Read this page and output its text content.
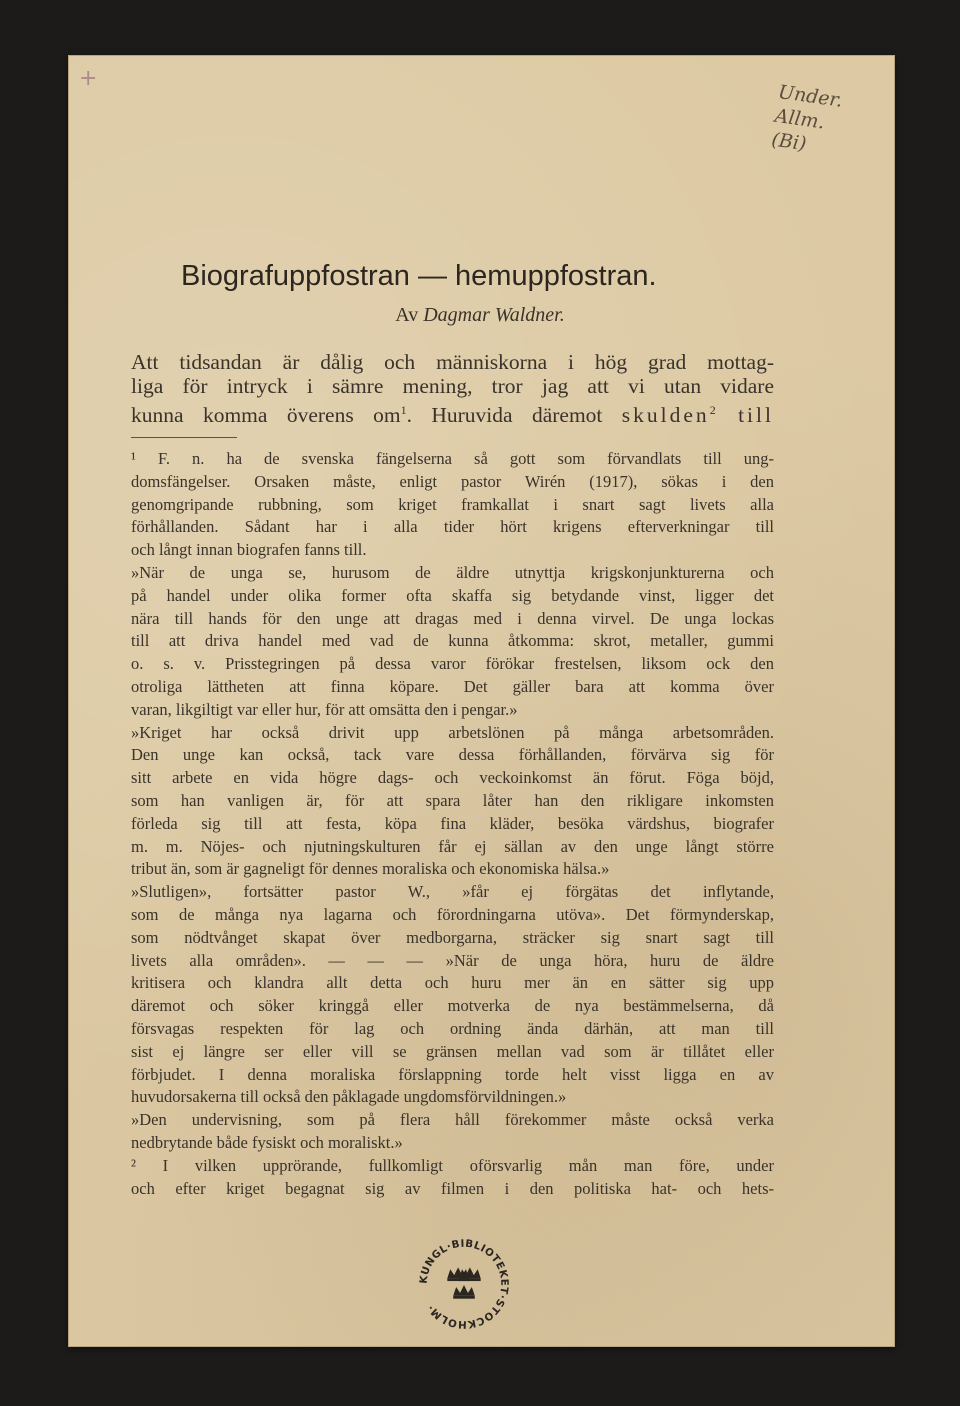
+
Under.
Allm.
(Bi)
Biografuppfostran — hemuppfostran.
Av Dagmar Waldner.
Att tidsandan är dålig och människorna i hög grad mottag-
liga för intryck i sämre mening, tror jag att vi utan vidare
kunna komma överens $om^1$. Huruvida däremot skulden$^2$ till
¹ F. n. ha de svenska fängelserna så gott som förvandlats till ung-
domsfängelser. Orsaken måste, enligt pastor Wirén (1917), sökas i den
genomgripande rubbning, som kriget framkallat i snart sagt livets alla
förhållanden. Sådant har i alla tider hört krigens efterverkningar till
och långt innan biografen fanns till.
»När de unga se, hurusom de äldre utnyttja krigskonjunkturerna och
på handel under olika former ofta skaffa sig betydande vinst, ligger det
nära till hands för den unge att dragas med i denna virvel. De unga lockas
till att driva handel med vad de kunna åtkomma: skrot, metaller, gummi
o. s. v. Prisstegringen på dessa varor förökar frestelsen, liksom ock den
otroliga lättheten att finna köpare. Det gäller bara att komma över
varan, likgiltigt var eller hur, för att omsätta den i pengar.»
»Kriget har också drivit upp arbetslönen på många arbetsområden.
Den unge kan också, tack vare dessa förhållanden, förvärva sig för
sitt arbete en vida högre dags- och veckoinkomst än förut. Föga böjd,
som han vanligen är, för att spara låter han den rikligare inkomsten
förleda sig till att festa, köpa fina kläder, besöka värdshus, biografer
m. m. Nöjes- och njutningskulturen får ej sällan av den unge långt större
tribut än, som är gagneligt för dennes moraliska och ekonomiska hälsa.»
»Slutligen», fortsätter pastor W., »får ej förgätas det inflytande,
som de många nya lagarna och förordningarna utöva». Det förmynderskap,
som nödtvånget skapat över medborgarna, sträcker sig snart sagt till
livets alla områden». — — — »När de unga höra, huru de äldre
kritisera och klandra allt detta och huru mer än en sätter sig upp
däremot och söker kringgå eller motverka de nya bestämmelserna, då
försvagas respekten för lag och ordning ända därhän, att man till
sist ej längre ser eller vill se gränsen mellan vad som är tillåtet eller
förbjudet. I denna moraliska förslappning torde helt visst ligga en av
huvudorsakerna till också den påklagade ungdomsförvildningen.»
»Den undervisning, som på flera håll förekommer måste också verka
nedbrytande både fysiskt och moraliskt.»
² I vilken upprörande, fullkomligt oförsvarlig mån man före, under
och efter kriget begagnat sig av filmen i den politiska hat- och hets-
KUNGL·BIBLIOTEKET·STOCKHOLM·
